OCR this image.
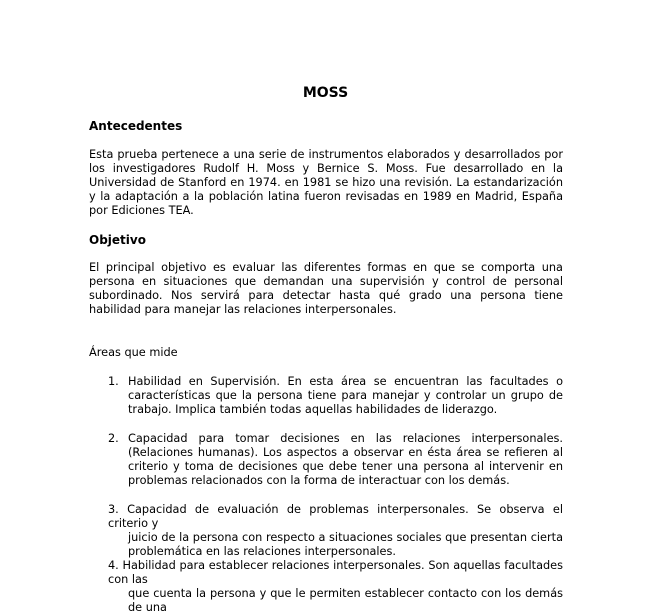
MOSS
Antecedentes
Esta prueba pertenece a una serie de instrumentos elaborados y desarrollados por los investigadores Rudolf H. Moss y Bernice S. Moss. Fue desarrollado en la Universidad de Stanford en 1974. en 1981 se hizo una revisión. La estandarización y la adaptación a la población latina fueron revisadas en 1989 en Madrid, España por Ediciones TEA.
Objetivo
El principal objetivo es evaluar las diferentes formas en que se comporta una persona en situaciones que demandan una supervisión y control de personal subordinado. Nos servirá para detectar hasta qué grado una persona tiene habilidad para manejar las relaciones interpersonales.
Áreas que mide
1. Habilidad en Supervisión. En esta área se encuentran las facultades o características que la persona tiene para manejar y controlar un grupo de trabajo. Implica también todas aquellas habilidades de liderazgo.
2. Capacidad para tomar decisiones en las relaciones interpersonales. (Relaciones humanas). Los aspectos a observar en ésta área se refieren al criterio y toma de decisiones que debe tener una persona al intervenir en problemas relacionados con la forma de interactuar con los demás.
3. Capacidad de evaluación de problemas interpersonales. Se observa el criterio y
juicio de la persona con respecto a situaciones sociales que presentan cierta problemática en las relaciones interpersonales.
4. Habilidad para establecer relaciones interpersonales. Son aquellas facultades con las
que cuenta la persona y que le permiten establecer contacto con los demás de una
